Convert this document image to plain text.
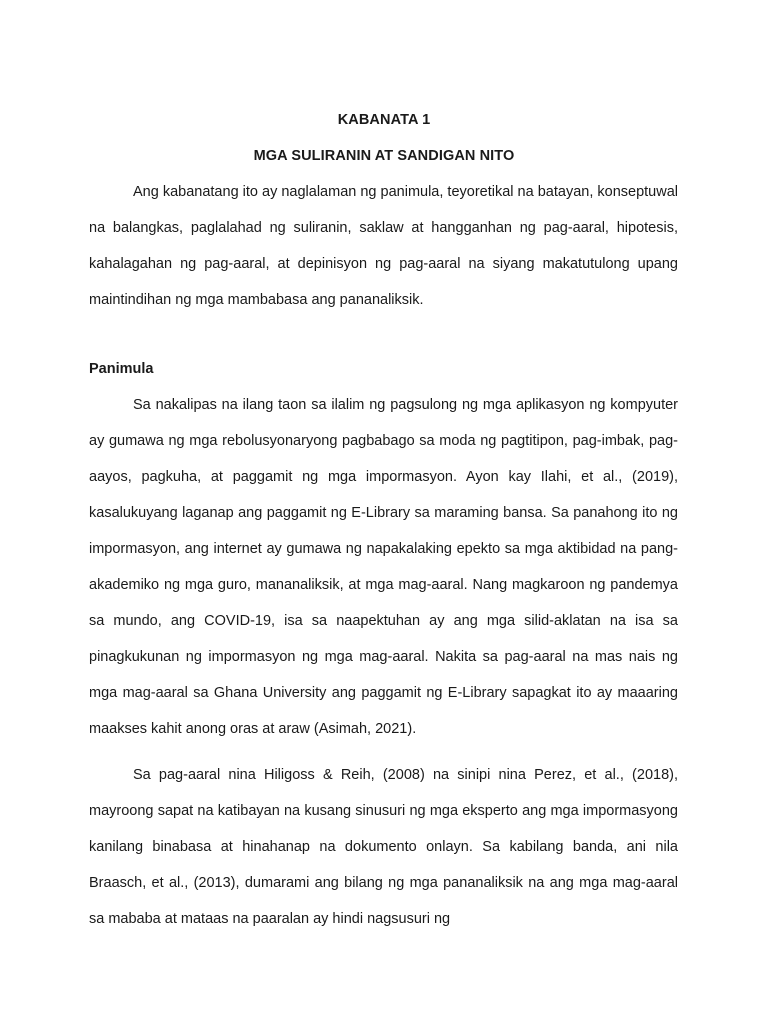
KABANATA 1
MGA SULIRANIN AT SANDIGAN NITO

Ang kabanatang ito ay naglalaman ng panimula, teyoretikal na batayan, konseptuwal na balangkas, paglalahad ng suliranin, saklaw at hangganhan ng pag-aaral, hipotesis, kahalagahan ng pag-aaral, at depinisyon ng pag-aaral na siyang makatutulong upang maintindihan ng mga mambabasa ang pananaliksik.

Panimula

Sa nakalipas na ilang taon sa ilalim ng pagsulong ng mga aplikasyon ng kompyuter ay gumawa ng mga rebolusyonaryong pagbabago sa moda ng pagtitipon, pag-imbak, pag-aayos, pagkuha, at paggamit ng mga impormasyon. Ayon kay Ilahi, et al., (2019), kasalukuyang laganap ang paggamit ng E-Library sa maraming bansa. Sa panahong ito ng impormasyon, ang internet ay gumawa ng napakalaking epekto sa mga aktibidad na pang-akademiko ng mga guro, mananaliksik, at mga mag-aaral. Nang magkaroon ng pandemya sa mundo, ang COVID-19, isa sa naapektuhan ay ang mga silid-aklatan na isa sa pinagkukunan ng impormasyon ng mga mag-aaral. Nakita sa pag-aaral na mas nais ng mga mag-aaral sa Ghana University ang paggamit ng E-Library sapagkat ito ay maaaring maakses kahit anong oras at araw (Asimah, 2021).

Sa pag-aaral nina Hiligoss & Reih, (2008) na sinipi nina Perez, et al., (2018), mayroong sapat na katibayan na kusang sinusuri ng mga eksperto ang mga impormasyong kanilang binabasa at hinahanap na dokumento onlayn. Sa kabilang banda, ani nila Braasch, et al., (2013), dumarami ang bilang ng mga pananaliksik na ang mga mag-aaral sa mababa at mataas na paaralan ay hindi nagsusuri ng
